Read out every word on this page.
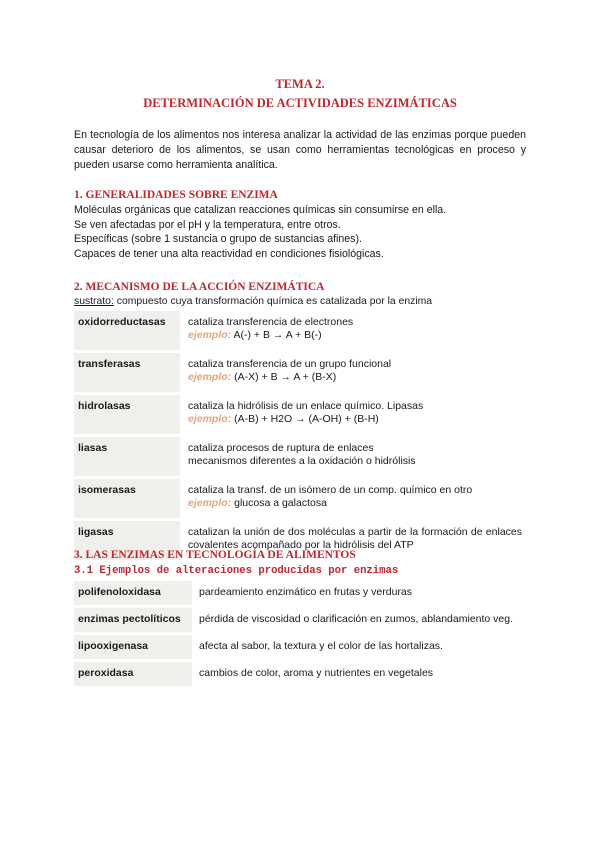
TEMA 2.
DETERMINACIÓN DE ACTIVIDADES ENZIMÁTICAS
En tecnología de los alimentos nos interesa analizar la actividad de las enzimas porque pueden causar deterioro de los alimentos, se usan como herramientas tecnológicas en proceso y pueden usarse como herramienta analítica.
1. GENERALIDADES SOBRE ENZIMA
Moléculas orgánicas que catalizan reacciones químicas sin consumirse en ella.
Se ven afectadas por el pH y la temperatura, entre otros.
Específicas (sobre 1 sustancia o grupo de sustancias afines).
Capaces de tener una alta reactividad en condiciones fisiológicas.
2. MECANISMO DE LA ACCIÓN ENZIMÁTICA
sustrato: compuesto cuya transformación química es catalizada por la enzima
oxidorreductasas	cataliza transferencia de electrones
ejemplo: A(-) + B → A + B(-)

transferasas	cataliza transferencia de un grupo funcional
ejemplo: (A-X) + B → A + (B-X)

hidrolasas	cataliza la hidrólisis de un enlace químico. Lipasas
ejemplo: (A-B) + H2O → (A-OH) + (B-H)

liasas	cataliza procesos de ruptura de enlaces
mecanismos diferentes a la oxidación o hidrólisis

isomerasas	cataliza la transf. de un isómero de un comp. químico en otro
ejemplo: glucosa a galactosa

ligasas	catalizan la unión de dos moléculas a partir de la formación de enlaces covalentes acompañado por la hidrólisis del ATP
3. LAS ENZIMAS EN TECNOLOGÍA DE ALIMENTOS
3.1 Ejemplos de alteraciones producidas por enzimas
polifenoloxidasa	pardeamiento enzimático en frutas y verduras
enzimas pectolíticos	pérdida de viscosidad o clarificación en zumos, ablandamiento veg.
lipooxigenasa	afecta al sabor, la textura y el color de las hortalizas.
peroxidasa	cambios de color, aroma y nutrientes en vegetales
